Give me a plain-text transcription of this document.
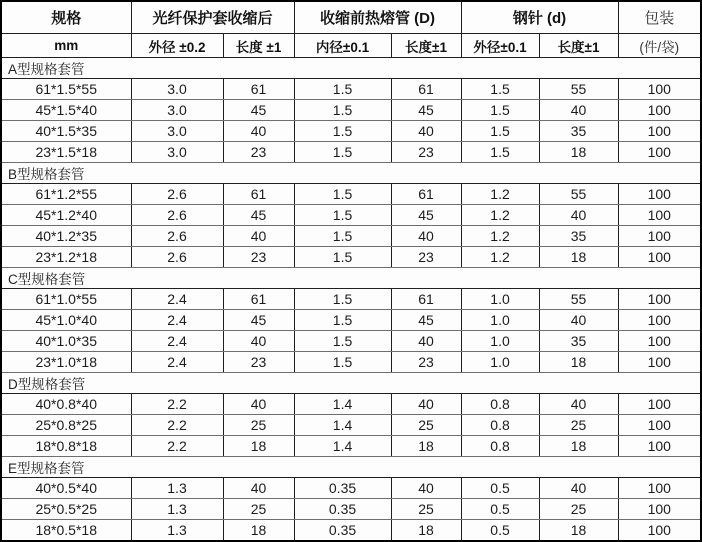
规格	光纤保护套收缩后		收缩前热熔管 (D)		钢针 (d)		包装
mm	外径 ±0.2	长度 ±1	内径±0.1	长度±1	外径±0.1	长度±1	(件/袋)
A型规格套管							
61*1.5*55	3.0	61	1.5	61	1.5	55	100
45*1.5*40	3.0	45	1.5	45	1.5	40	100
40*1.5*35	3.0	40	1.5	40	1.5	35	100
23*1.5*18	3.0	23	1.5	23	1.5	18	100
B型规格套管							
61*1.2*55	2.6	61	1.5	61	1.2	55	100
45*1.2*40	2.6	45	1.5	45	1.2	40	100
40*1.2*35	2.6	40	1.5	40	1.2	35	100
23*1.2*18	2.6	23	1.5	23	1.2	18	100
C型规格套管							
61*1.0*55	2.4	61	1.5	61	1.0	55	100
45*1.0*40	2.4	45	1.5	45	1.0	40	100
40*1.0*35	2.4	40	1.5	40	1.0	35	100
23*1.0*18	2.4	23	1.5	23	1.0	18	100
D型规格套管							
40*0.8*40	2.2	40	1.4	40	0.8	40	100
25*0.8*25	2.2	25	1.4	25	0.8	25	100
18*0.8*18	2.2	18	1.4	18	0.8	18	100
E型规格套管							
40*0.5*40	1.3	40	0.35	40	0.5	40	100
25*0.5*25	1.3	25	0.35	25	0.5	25	100
18*0.5*18	1.3	18	0.35	18	0.5	18	100
